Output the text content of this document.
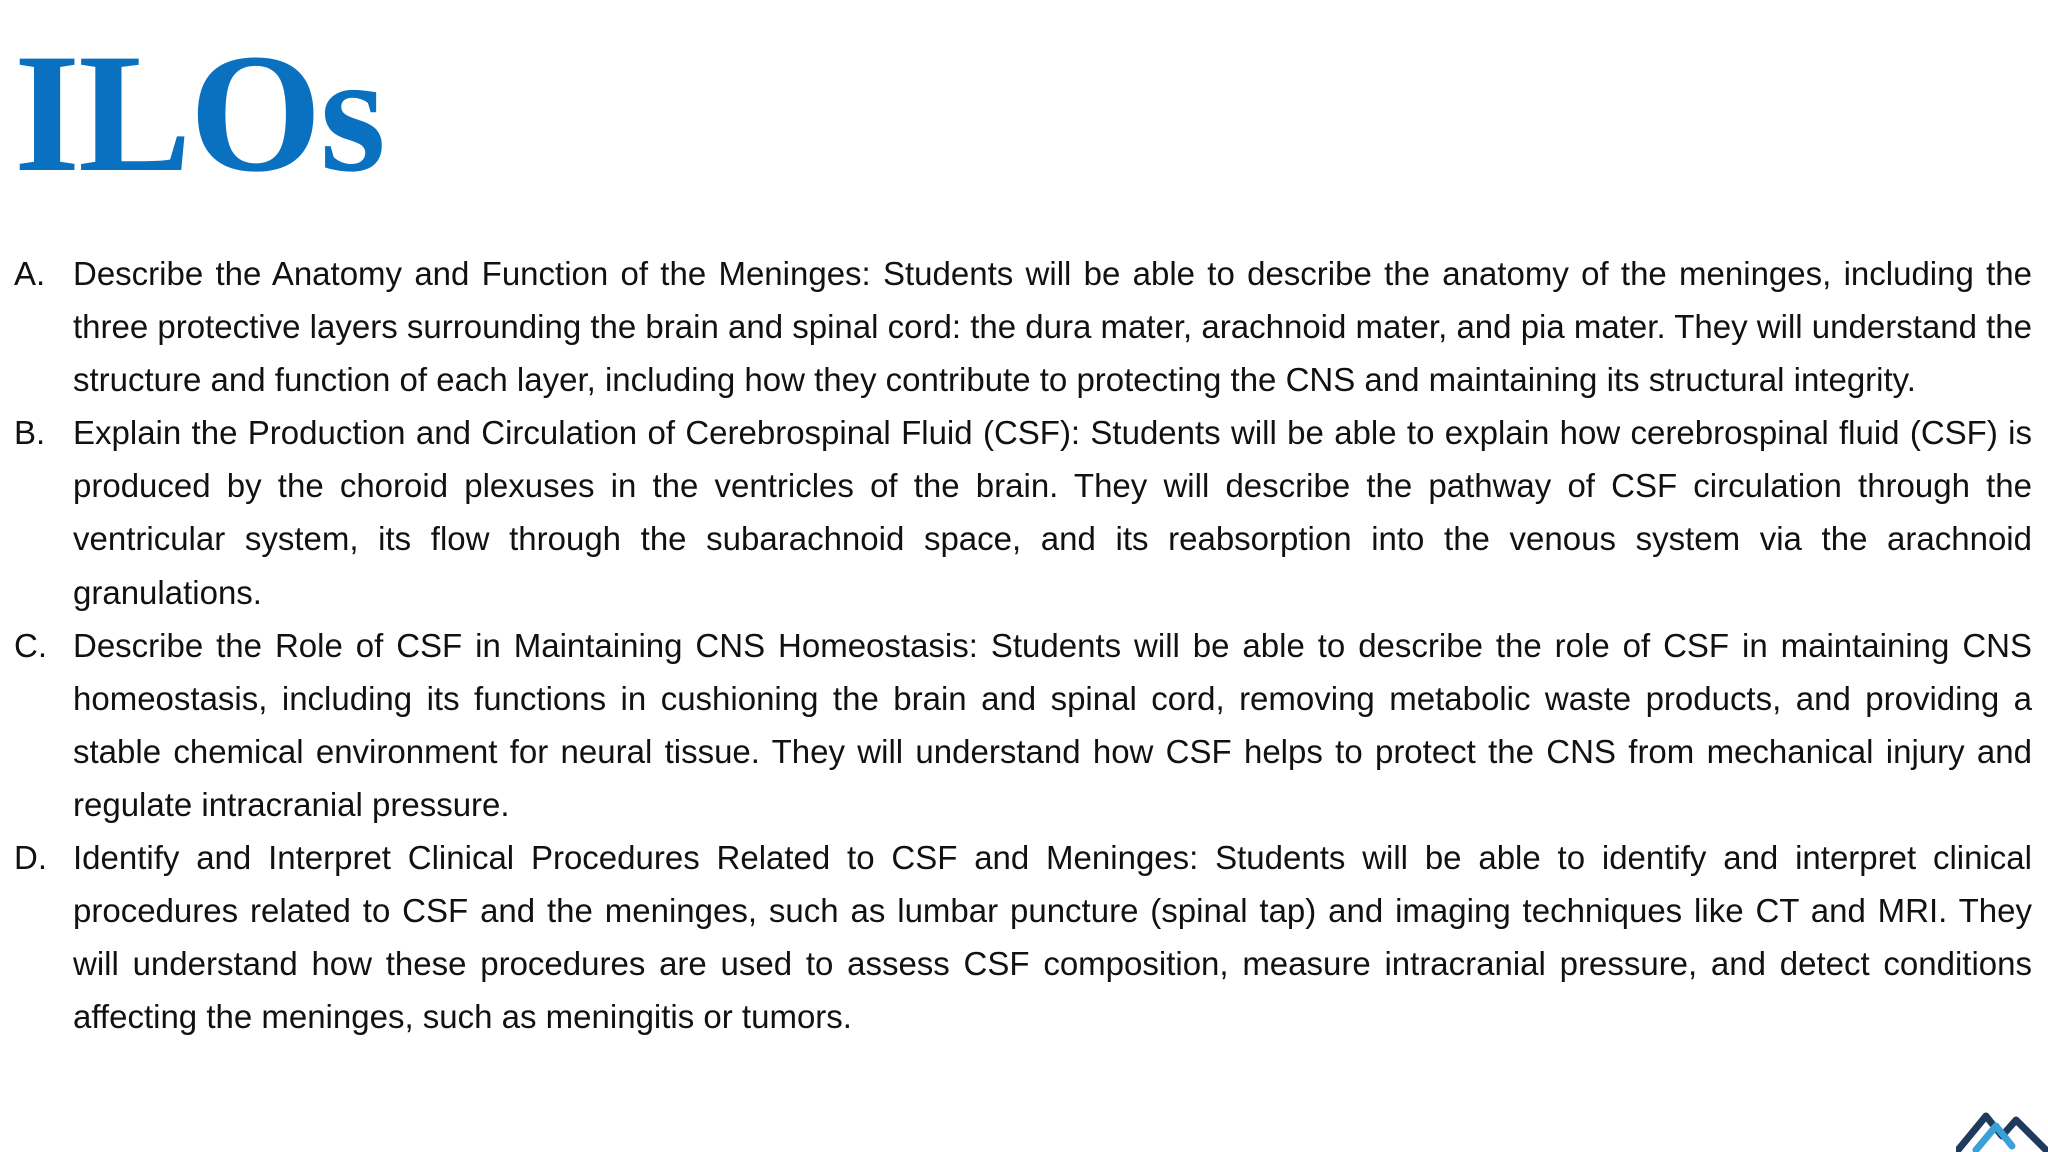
ILOs
A. Describe the Anatomy and Function of the Meninges: Students will be able to describe the anatomy of the meninges, including the three protective layers surrounding the brain and spinal cord: the dura mater, arachnoid mater, and pia mater. They will understand the structure and function of each layer, including how they contribute to protecting the CNS and maintaining its structural integrity.
B. Explain the Production and Circulation of Cerebrospinal Fluid (CSF): Students will be able to explain how cerebrospinal fluid (CSF) is produced by the choroid plexuses in the ventricles of the brain. They will describe the pathway of CSF circulation through the ventricular system, its flow through the subarachnoid space, and its reabsorption into the venous system via the arachnoid granulations.
C. Describe the Role of CSF in Maintaining CNS Homeostasis: Students will be able to describe the role of CSF in maintaining CNS homeostasis, including its functions in cushioning the brain and spinal cord, removing metabolic waste products, and providing a stable chemical environment for neural tissue. They will understand how CSF helps to protect the CNS from mechanical injury and regulate intracranial pressure.
D. Identify and Interpret Clinical Procedures Related to CSF and Meninges: Students will be able to identify and interpret clinical procedures related to CSF and the meninges, such as lumbar puncture (spinal tap) and imaging techniques like CT and MRI. They will understand how these procedures are used to assess CSF composition, measure intracranial pressure, and detect conditions affecting the meninges, such as meningitis or tumors.
